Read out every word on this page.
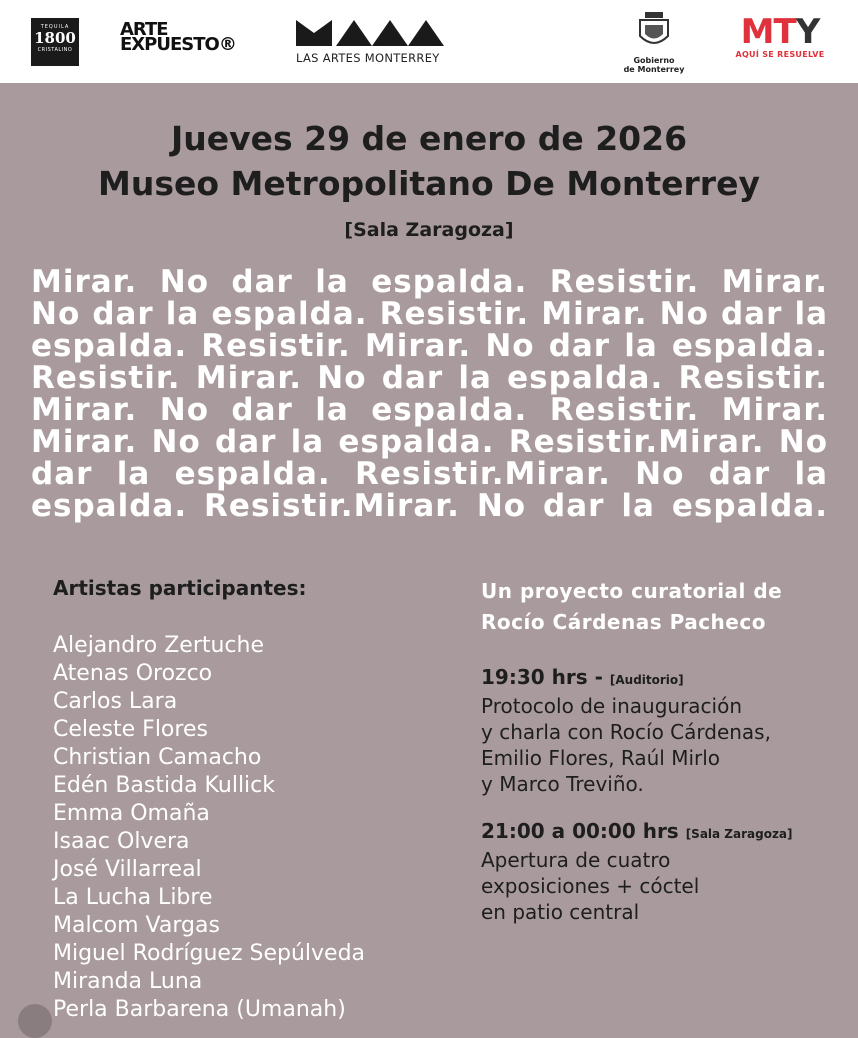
TEQUILA
1800
CRISTALINO
ARTE
EXPUESTO®
LAS ARTES MONTERREY	Gobierno
de Monterrey
MTY
AQUÍ SE RESUELVE
Jueves 29 de enero de 2026
Museo Metropolitano De Monterrey
[Sala Zaragoza]
Mirar. No dar la espalda. Resistir. Mirar.
No dar la espalda. Resistir. Mirar. No dar la
espalda. Resistir. Mirar. No dar la espalda.
Resistir. Mirar. No dar la espalda. Resistir.
Mirar. No dar la espalda. Resistir. Mirar.
Mirar. No dar la espalda. Resistir.Mirar. No
dar la espalda. Resistir.Mirar. No dar la
espalda. Resistir.Mirar. No dar la espalda.
Artistas participantes:
Alejandro Zertuche
Atenas Orozco
Carlos Lara
Celeste Flores
Christian Camacho
Edén Bastida Kullick
Emma Omaña
Isaac Olvera
José Villarreal
La Lucha Libre
Malcom Vargas
Miguel Rodríguez Sepúlveda
Miranda Luna
Perla Barbarena (Umanah)
Un proyecto curatorial de
Rocío Cárdenas Pacheco
19:30 hrs - [Auditorio]
Protocolo de inauguración
y charla con Rocío Cárdenas,
Emilio Flores, Raúl Mirlo
y Marco Treviño.
21:00 a 00:00 hrs [Sala Zaragoza]
Apertura de cuatro
exposiciones + cóctel
en patio central
